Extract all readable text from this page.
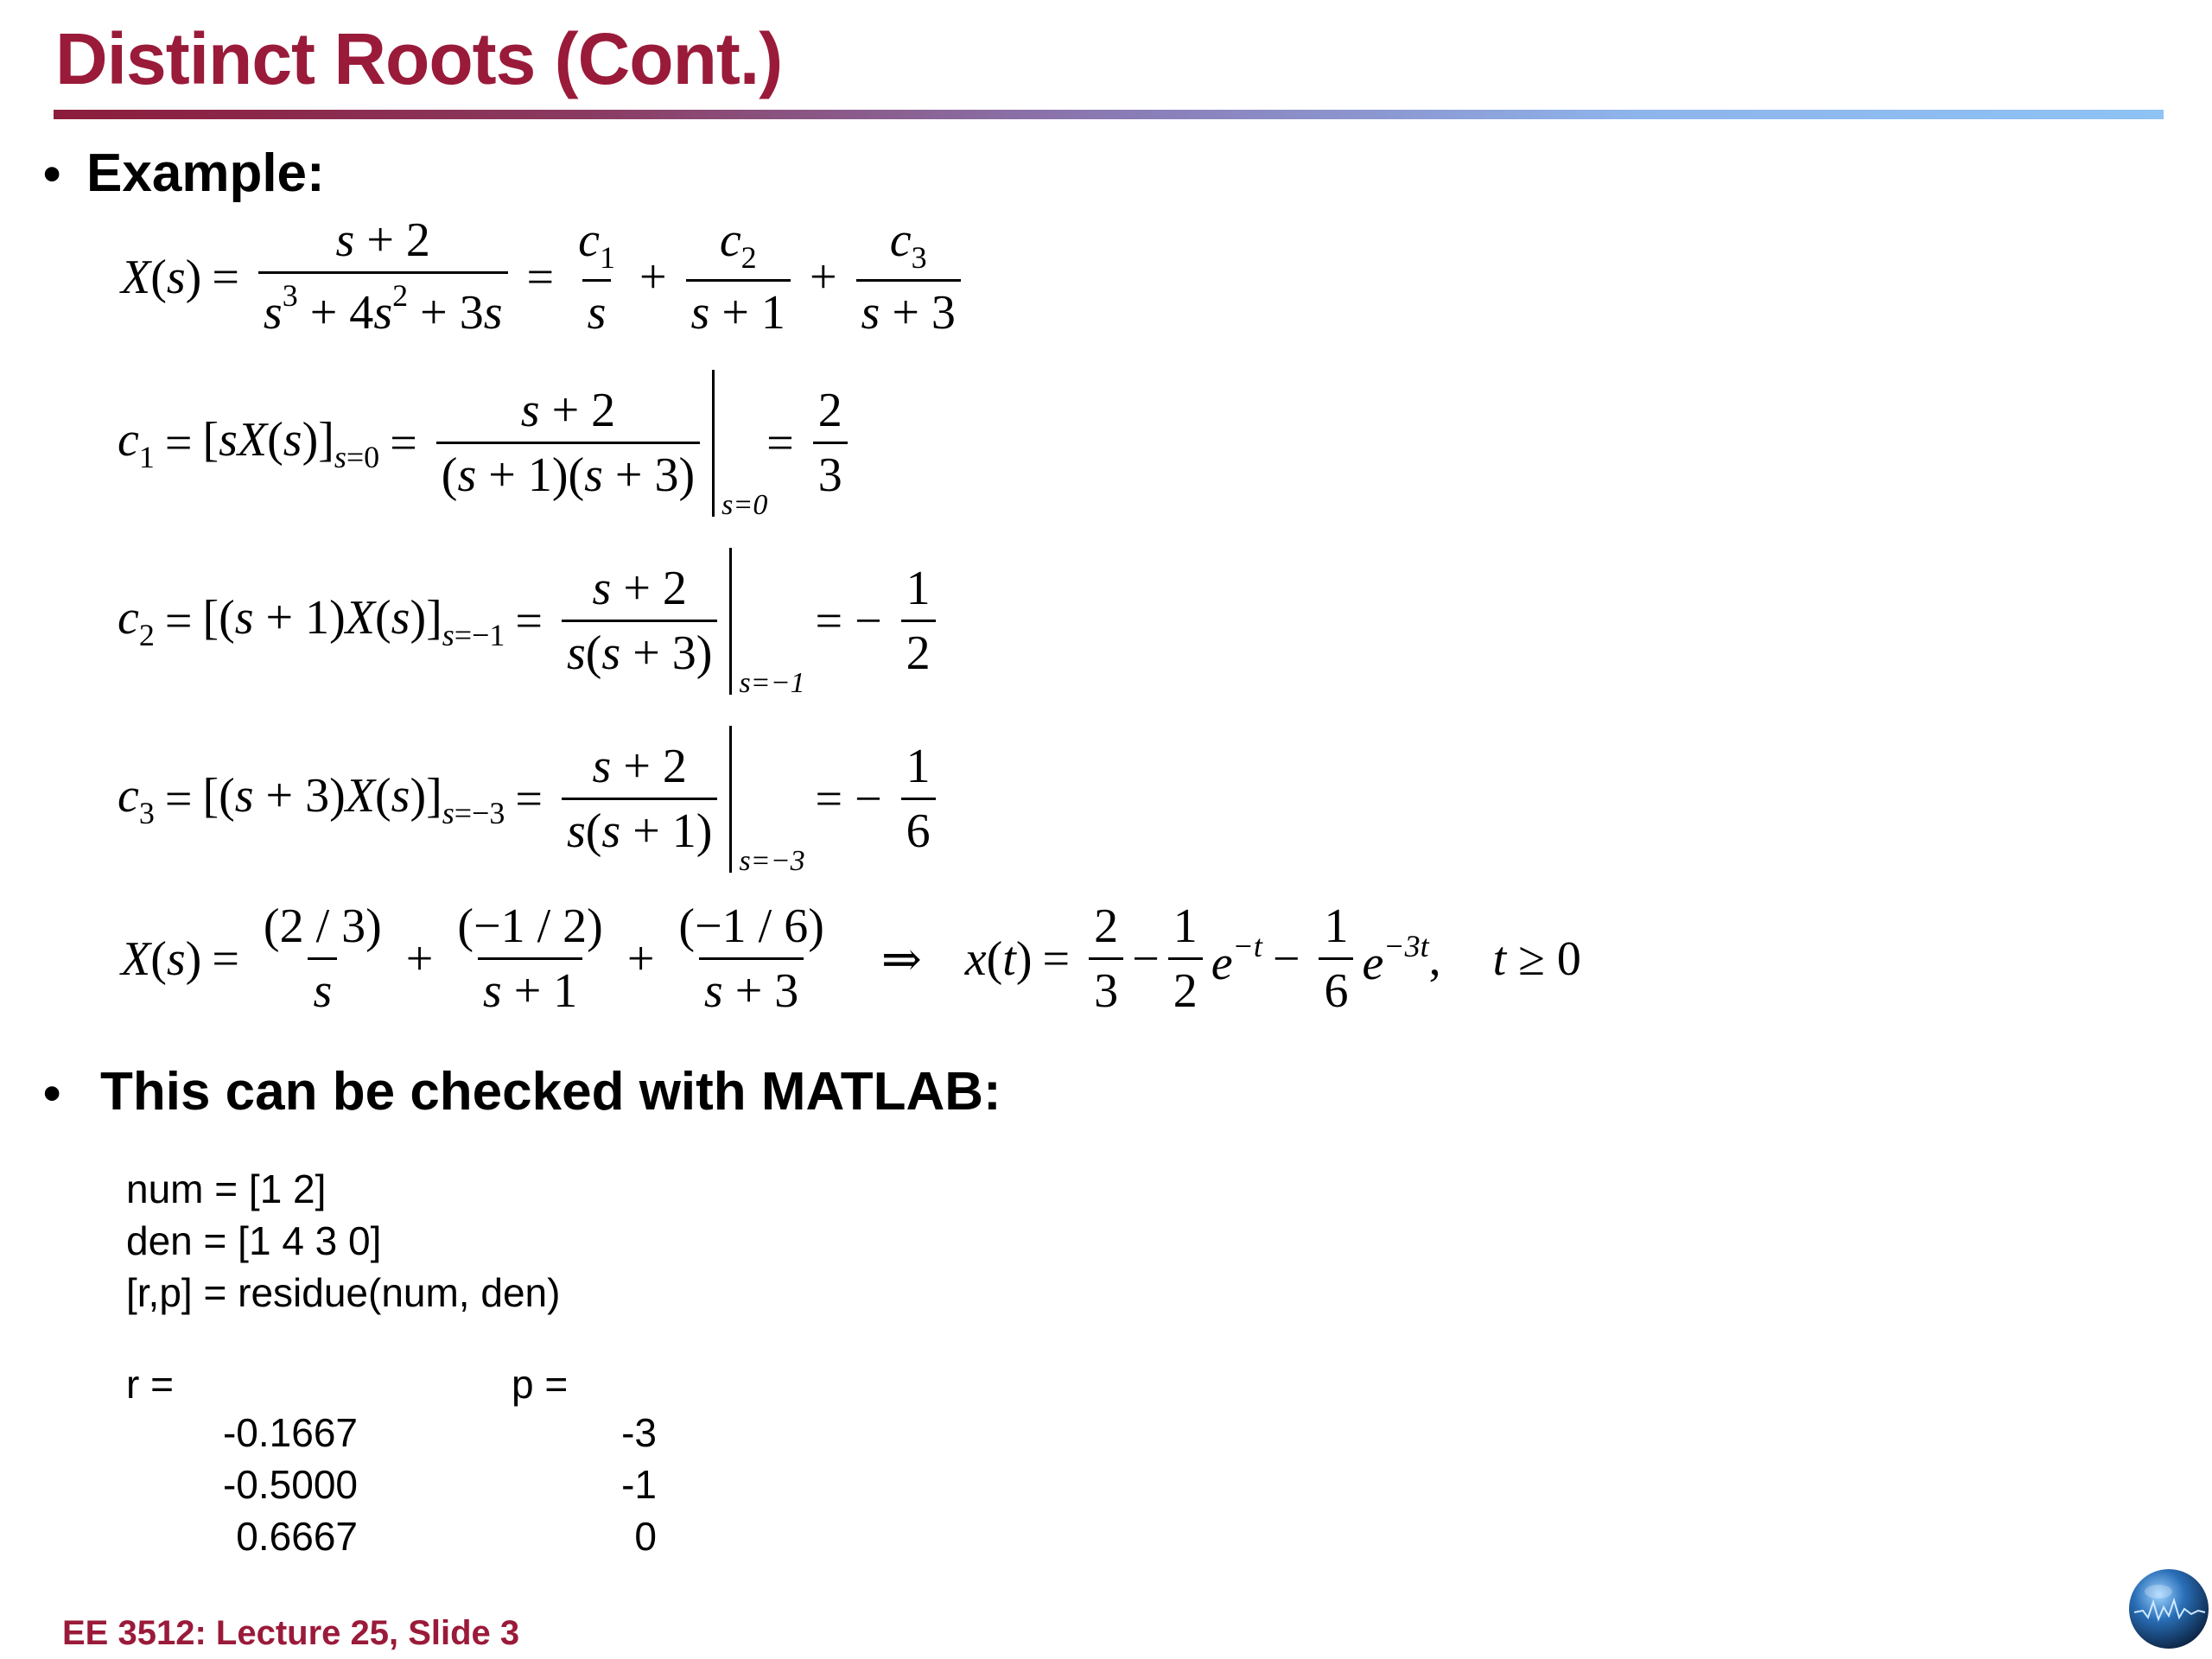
Distinct Roots (Cont.)
• Example:
$X(s) = \frac{s + 2}{s^3 + 4s^2 + 3s} = \frac{c_1}{s} + \frac{c_2}{s + 1} + \frac{c_3}{s + 3}$
$c_1 = [sX(s)]_{s=0} = \frac{s + 2}{(s + 1)(s + 3)}$
s=0
= $\frac{2}{3}$
$c_2 = [(s + 1)X(s)]_{s=-1} = \frac{s + 2}{s(s + 3)}$
s=−1
= − $\frac{1}{2}$
$c_3 = [(s + 3)X(s)]_{s=-3} = \frac{s + 2}{s(s + 1)}$
s=−3
= − $\frac{1}{6}$
$X(s) = \frac{(2 / 3)}{s} + \frac{(-1 / 2)}{s + 1} + \frac{(-1 / 6)}{s + 3}$ ⇒ $x(t) = \frac{2}{3} - \frac{1}{2} e^{-t} - \frac{1}{6} e^{-3t}$ , t ≥ 0
• This can be checked with MATLAB:
num = [1 2]
den = [1 4 3 0]
[r,p] = residue(num, den)
r =	p =
-0.1667
-0.5000
0.6667
-3
-1
0
EE 3512: Lecture 25, Slide 3
